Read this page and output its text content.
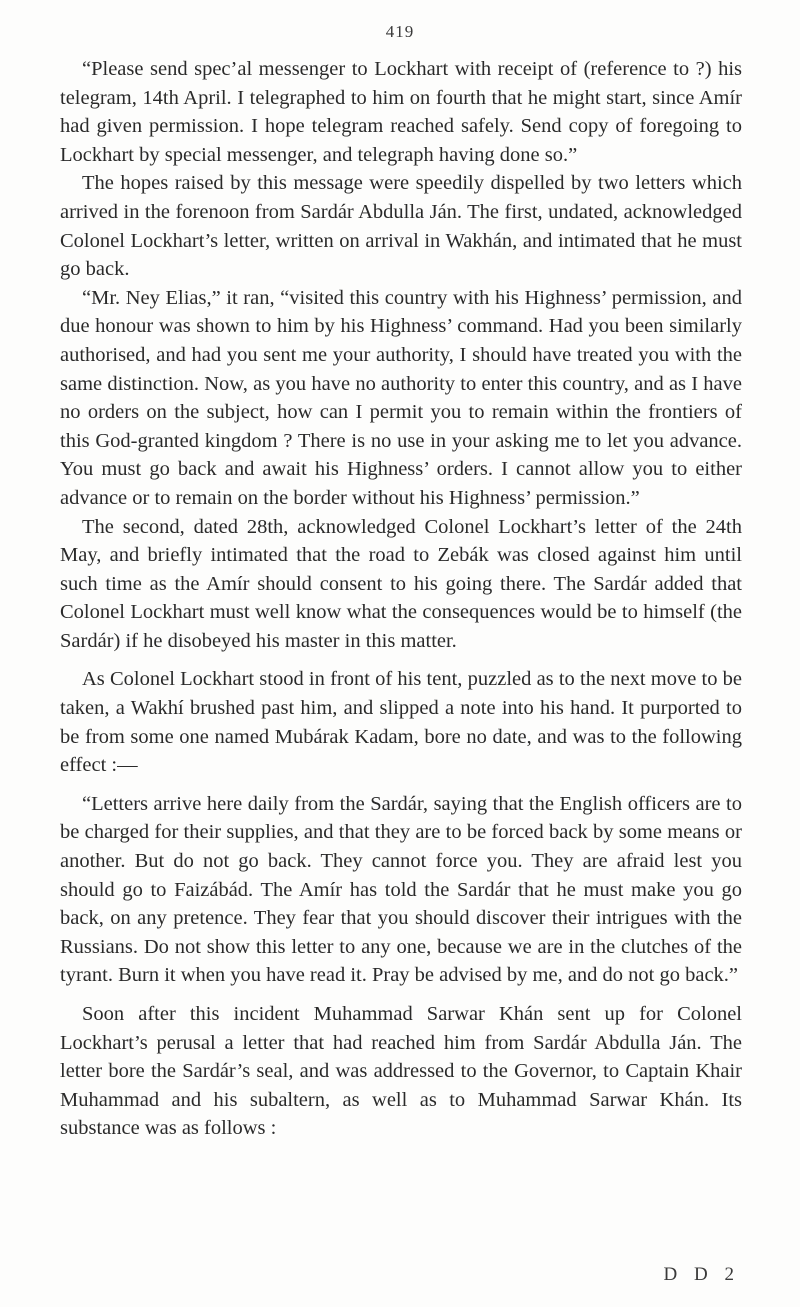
419

“Please send spec’al messenger to Lockhart with receipt of (reference to ?) his telegram, 14th April. I telegraphed to him on fourth that he might start, since Amír had given permission. I hope telegram reached safely. Send copy of foregoing to Lockhart by special messenger, and telegraph having done so.”

The hopes raised by this message were speedily dispelled by two letters which arrived in the forenoon from Sardár Abdulla Ján. The first, undated, acknowledged Colonel Lockhart’s letter, written on arrival in Wakhán, and intimated that he must go back.

“Mr. Ney Elias,” it ran, “visited this country with his Highness’ permission, and due honour was shown to him by his Highness’ command. Had you been similarly authorised, and had you sent me your authority, I should have treated you with the same distinction. Now, as you have no authority to enter this country, and as I have no orders on the subject, how can I permit you to remain within the frontiers of this God-granted kingdom ? There is no use in your asking me to let you advance. You must go back and await his Highness’ orders. I cannot allow you to either advance or to remain on the border without his Highness’ permission.”

The second, dated 28th, acknowledged Colonel Lockhart’s letter of the 24th May, and briefly intimated that the road to Zebák was closed against him until such time as the Amír should consent to his going there. The Sardár added that Colonel Lockhart must well know what the consequences would be to himself (the Sardár) if he disobeyed his master in this matter.

As Colonel Lockhart stood in front of his tent, puzzled as to the next move to be taken, a Wakhí brushed past him, and slipped a note into his hand. It purported to be from some one named Mubárak Kadam, bore no date, and was to the following effect :—

“Letters arrive here daily from the Sardár, saying that the English officers are to be charged for their supplies, and that they are to be forced back by some means or another. But do not go back. They cannot force you. They are afraid lest you should go to Faizábád. The Amír has told the Sardár that he must make you go back, on any pretence. They fear that you should discover their intrigues with the Russians. Do not show this letter to any one, because we are in the clutches of the tyrant. Burn it when you have read it. Pray be advised by me, and do not go back.”

Soon after this incident Muhammad Sarwar Khán sent up for Colonel Lockhart’s perusal a letter that had reached him from Sardár Abdulla Ján. The letter bore the Sardár’s seal, and was addressed to the Governor, to Captain Khair Muhammad and his subaltern, as well as to Muhammad Sarwar Khán. Its substance was as follows :

D D 2
